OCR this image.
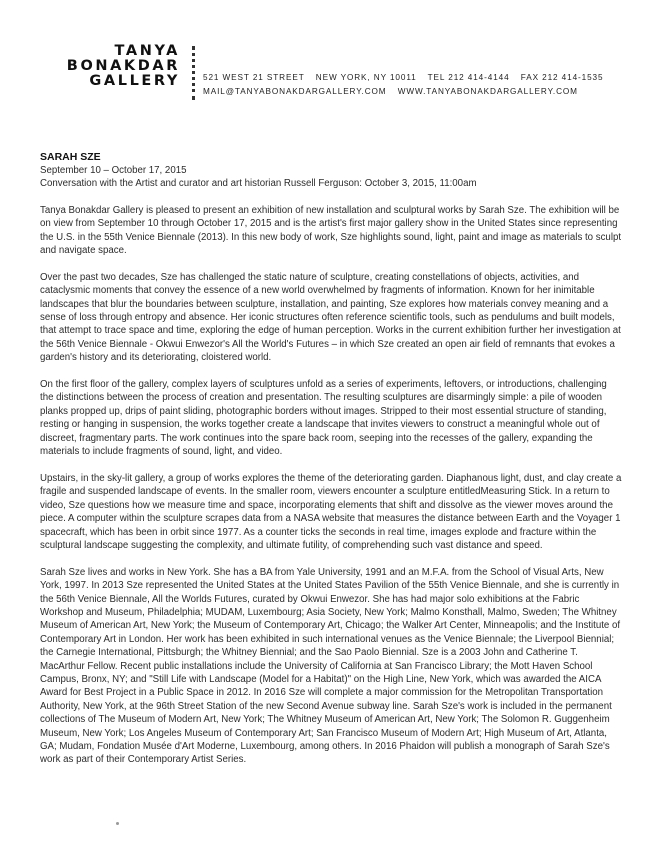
TANYA
BONAKDAR
GALLERY	521 WEST 21 STREET NEW YORK, NY 10011 TEL 212 414-4144 FAX 212 414-1535
MAIL@TANYABONAKDARGALLERY.COM WWW.TANYABONAKDARGALLERY.COM
SARAH SZE
September 10 – October 17, 2015
Conversation with the Artist and curator and art historian Russell Ferguson: October 3, 2015, 11:00am

Tanya Bonakdar Gallery is pleased to present an exhibition of new installation and sculptural works by Sarah Sze. The exhibition will be on view from September 10 through October 17, 2015 and is the artist's first major gallery show in the United States since representing the U.S. in the 55th Venice Biennale (2013). In this new body of work, Sze highlights sound, light, paint and image as materials to sculpt and navigate space.

Over the past two decades, Sze has challenged the static nature of sculpture, creating constellations of objects, activities, and cataclysmic moments that convey the essence of a new world overwhelmed by fragments of information. Known for her inimitable landscapes that blur the boundaries between sculpture, installation, and painting, Sze explores how materials convey meaning and a sense of loss through entropy and absence. Her iconic structures often reference scientific tools, such as pendulums and built models, that attempt to trace space and time, exploring the edge of human perception. Works in the current exhibition further her investigation at the 56th Venice Biennale - Okwui Enwezor's All the World's Futures – in which Sze created an open air field of remnants that evokes a garden's history and its deteriorating, cloistered world.

On the first floor of the gallery, complex layers of sculptures unfold as a series of experiments, leftovers, or introductions, challenging the distinctions between the process of creation and presentation. The resulting sculptures are disarmingly simple: a pile of wooden planks propped up, drips of paint sliding, photographic borders without images. Stripped to their most essential structure of standing, resting or hanging in suspension, the works together create a landscape that invites viewers to construct a meaningful whole out of discreet, fragmentary parts. The work continues into the spare back room, seeping into the recesses of the gallery, expanding the materials to include fragments of sound, light, and video.

Upstairs, in the sky-lit gallery, a group of works explores the theme of the deteriorating garden. Diaphanous light, dust, and clay create a fragile and suspended landscape of events. In the smaller room, viewers encounter a sculpture entitledMeasuring Stick. In a return to video, Sze questions how we measure time and space, incorporating elements that shift and dissolve as the viewer moves around the piece. A computer within the sculpture scrapes data from a NASA website that measures the distance between Earth and the Voyager 1 spacecraft, which has been in orbit since 1977. As a counter ticks the seconds in real time, images explode and fracture within the sculptural landscape suggesting the complexity, and ultimate futility, of comprehending such vast distance and speed.

Sarah Sze lives and works in New York. She has a BA from Yale University, 1991 and an M.F.A. from the School of Visual Arts, New York, 1997. In 2013 Sze represented the United States at the United States Pavilion of the 55th Venice Biennale, and she is currently in the 56th Venice Biennale, All the Worlds Futures, curated by Okwui Enwezor. She has had major solo exhibitions at the Fabric Workshop and Museum, Philadelphia; MUDAM, Luxembourg; Asia Society, New York; Malmo Konsthall, Malmo, Sweden; The Whitney Museum of American Art, New York; the Museum of Contemporary Art, Chicago; the Walker Art Center, Minneapolis; and the Institute of Contemporary Art in London. Her work has been exhibited in such international venues as the Venice Biennale; the Liverpool Biennial; the Carnegie International, Pittsburgh; the Whitney Biennial; and the Sao Paolo Biennial. Sze is a 2003 John and Catherine T. MacArthur Fellow. Recent public installations include the University of California at San Francisco Library; the Mott Haven School Campus, Bronx, NY; and "Still Life with Landscape (Model for a Habitat)" on the High Line, New York, which was awarded the AICA Award for Best Project in a Public Space in 2012. In 2016 Sze will complete a major commission for the Metropolitan Transportation Authority, New York, at the 96th Street Station of the new Second Avenue subway line. Sarah Sze's work is included in the permanent collections of The Museum of Modern Art, New York; The Whitney Museum of American Art, New York; The Solomon R. Guggenheim Museum, New York; Los Angeles Museum of Contemporary Art; San Francisco Museum of Modern Art; High Museum of Art, Atlanta, GA; Mudam, Fondation Musée d'Art Moderne, Luxembourg, among others. In 2016 Phaidon will publish a monograph of Sarah Sze's work as part of their Contemporary Artist Series.
